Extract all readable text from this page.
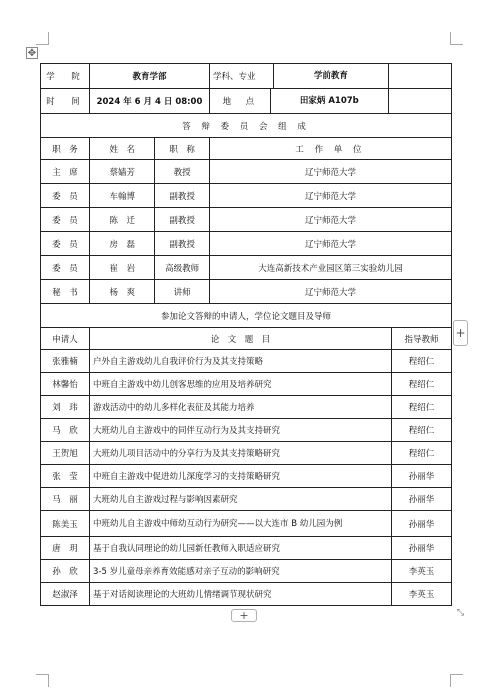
✥
+
+	⤡
学　院	教育学部		学科、专业 学前教育		

时　间	2024 年 6 月 4 日 08:00		地　点 田家炳 A107b		

答 辩 委 员 会 组 成					
职　务	姓　名	职　称	工 作 单 位		
主　席	蔡嫱芳	教授	辽宁师范大学		
委　员	车翰博	副教授	辽宁师范大学		
委　员	陈　迁	副教授	辽宁师范大学		
委　员	房　磊	副教授	辽宁师范大学		
委　员	崔　岩	高级教师	大连高新技术产业园区第三实验幼儿园		
秘　书	杨　爽	讲师	辽宁师范大学		
参加论文答辩的申请人，学位论文题目及导师					
申请人	论　文　题　目				指导教师
张雅楠	户外自主游戏幼儿自我评价行为及其支持策略				程绍仁
林馨怡	中班自主游戏中幼儿创客思维的应用及培养研究				程绍仁
刘　玮	游戏活动中的幼儿多样化表征及其能力培养				程绍仁
马　欣	大班幼儿自主游戏中的同伴互动行为及其支持研究				程绍仁
王贺旭	大班幼儿项目活动中的分享行为及其支持策略研究				程绍仁
张　莹	中班自主游戏中促进幼儿深度学习的支持策略研究				孙丽华
马　丽	大班幼儿自主游戏过程与影响因素研究				孙丽华
陈美玉	中班幼儿自主游戏中师幼互动行为研究——以大连市 B 幼儿园为例				孙丽华
唐　玥	基于自我认同理论的幼儿园新任教师入职适应研究				孙丽华
孙　欣	3-5 岁儿童母亲养育效能感对亲子互动的影响研究				李英玉
赵淑泽	基于对话阅读理论的大班幼儿情绪调节现状研究				李英玉
